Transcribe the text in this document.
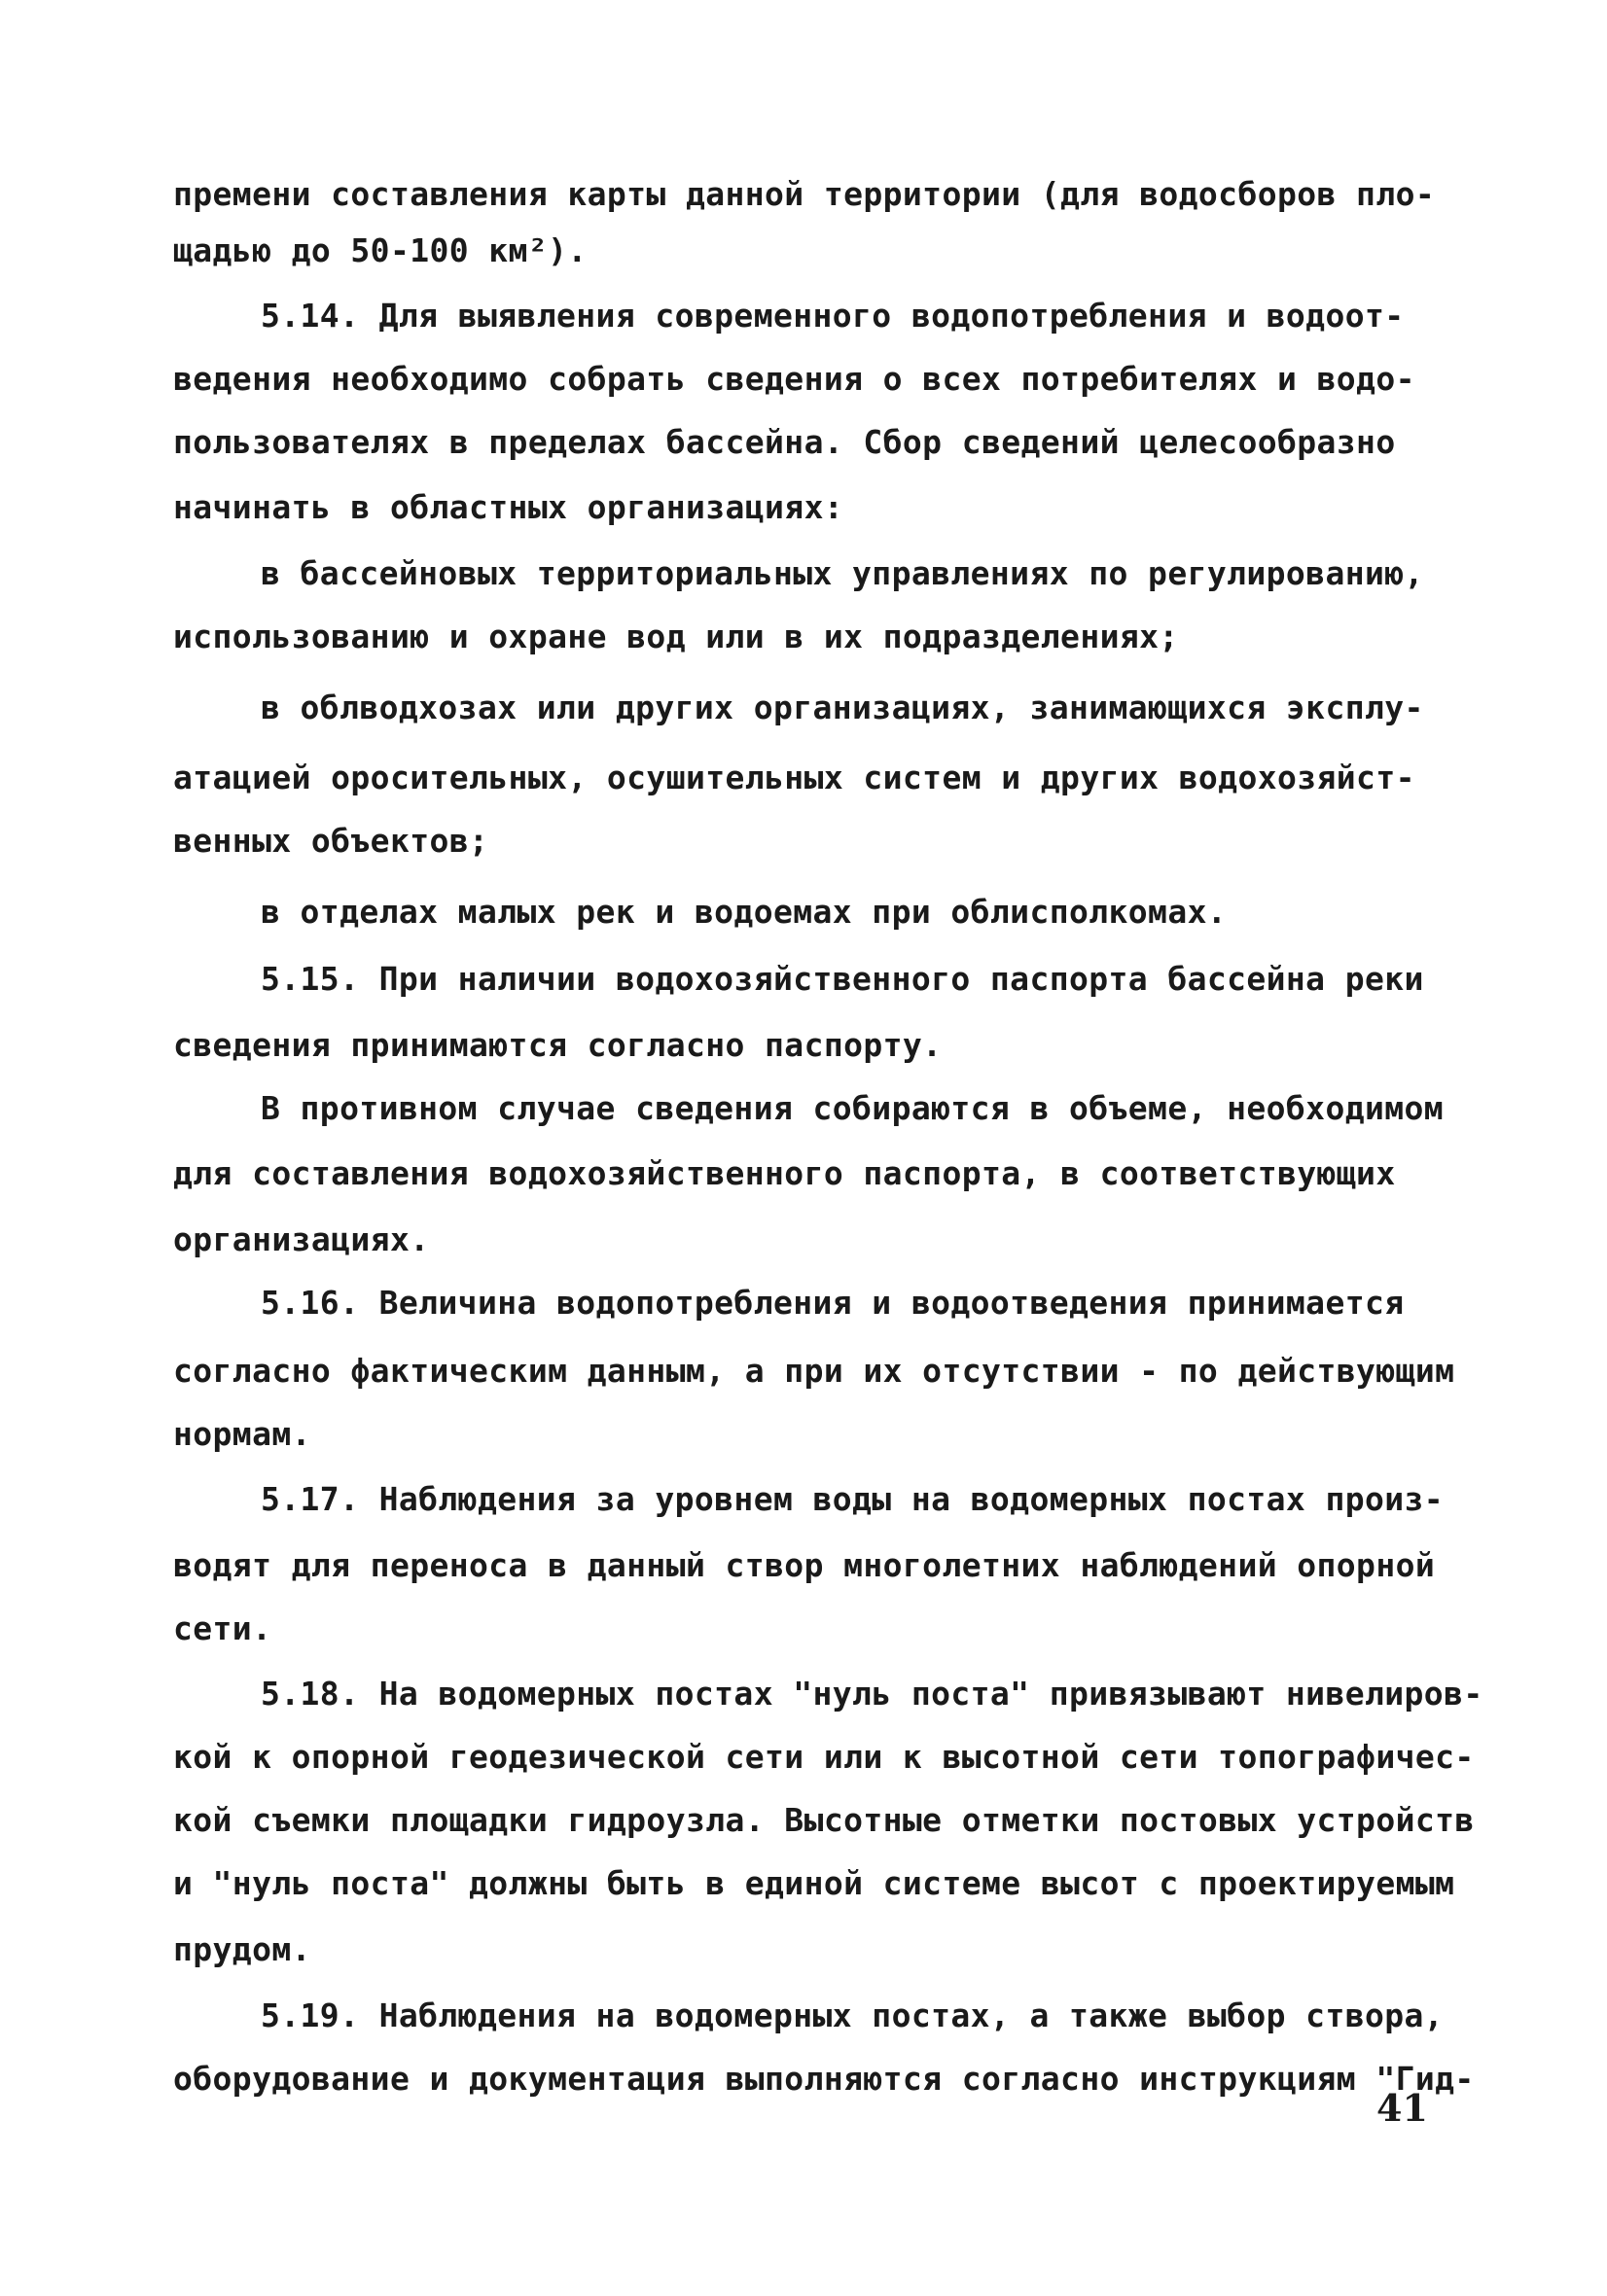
премени составления карты данной территории (для водосборов пло-
щадью до 50-100 км²).
5.14. Для выявления современного водопотребления и водоот-
ведения необходимо собрать сведения о всех потребителях и водо-
пользователях в пределах бассейна. Сбор сведений целесообразно
начинать в областных организациях:
в бассейновых территориальных управлениях по регулированию,
использованию и охране вод или в их подразделениях;
в облводхозах или других организациях, занимающихся эксплу-
атацией оросительных, осушительных систем и других водохозяйст-
венных объектов;
в отделах малых рек и водоемах при облисполкомах.
5.15. При наличии водохозяйственного паспорта бассейна реки
сведения принимаются согласно паспорту.
В противном случае сведения собираются в объеме, необходимом
для составления водохозяйственного паспорта, в соответствующих
организациях.
5.16. Величина водопотребления и водоотведения принимается
согласно фактическим данным, а при их отсутствии - по действующим
нормам.
5.17. Наблюдения за уровнем воды на водомерных постах произ-
водят для переноса в данный створ многолетних наблюдений опорной
сети.
5.18. На водомерных постах "нуль поста" привязывают нивелиров-
кой к опорной геодезической сети или к высотной сети топографичес-
кой съемки площадки гидроузла. Высотные отметки постовых устройств
и "нуль поста" должны быть в единой системе высот с проектируемым
прудом.
5.19. Наблюдения на водомерных постах, а также выбор створа,
оборудование и документация выполняются согласно инструкциям "Гид-
41
